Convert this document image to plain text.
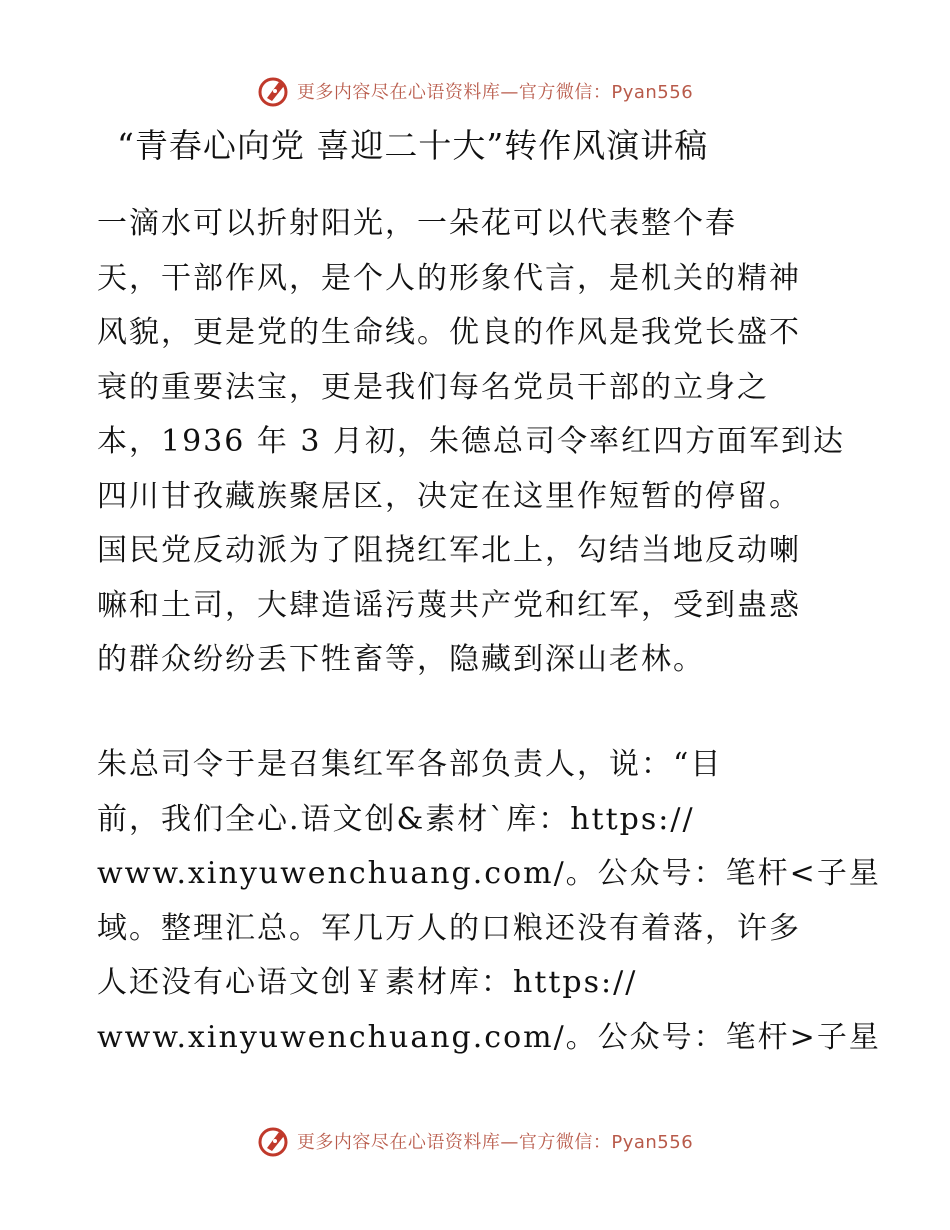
更多内容尽在心语资料库—官方微信：Pyan556
“青春心向党 喜迎二十大”转作风演讲稿
一滴水可以折射阳光，一朵花可以代表整个春
天，干部作风，是个人的形象代言，是机关的精神
风貌，更是党的生命线。优良的作风是我党长盛不
衰的重要法宝，更是我们每名党员干部的立身之
本，1936 年 3 月初，朱德总司令率红四方面军到达
四川甘孜藏族聚居区，决定在这里作短暂的停留。
国民党反动派为了阻挠红军北上，勾结当地反动喇
嘛和土司，大肆造谣污蔑共产党和红军，受到蛊惑
的群众纷纷丢下牲畜等，隐藏到深山老林。
朱总司令于是召集红军各部负责人，说：“目
前，我们全心.语文创&素材`库：https://
www.xinyuwenchuang.com/。公众号：笔杆<子星
域。整理汇总。军几万人的口粮还没有着落，许多
人还没有心语文创￥素材库：https://
www.xinyuwenchuang.com/。公众号：笔杆>子星
更多内容尽在心语资料库—官方微信：Pyan556
